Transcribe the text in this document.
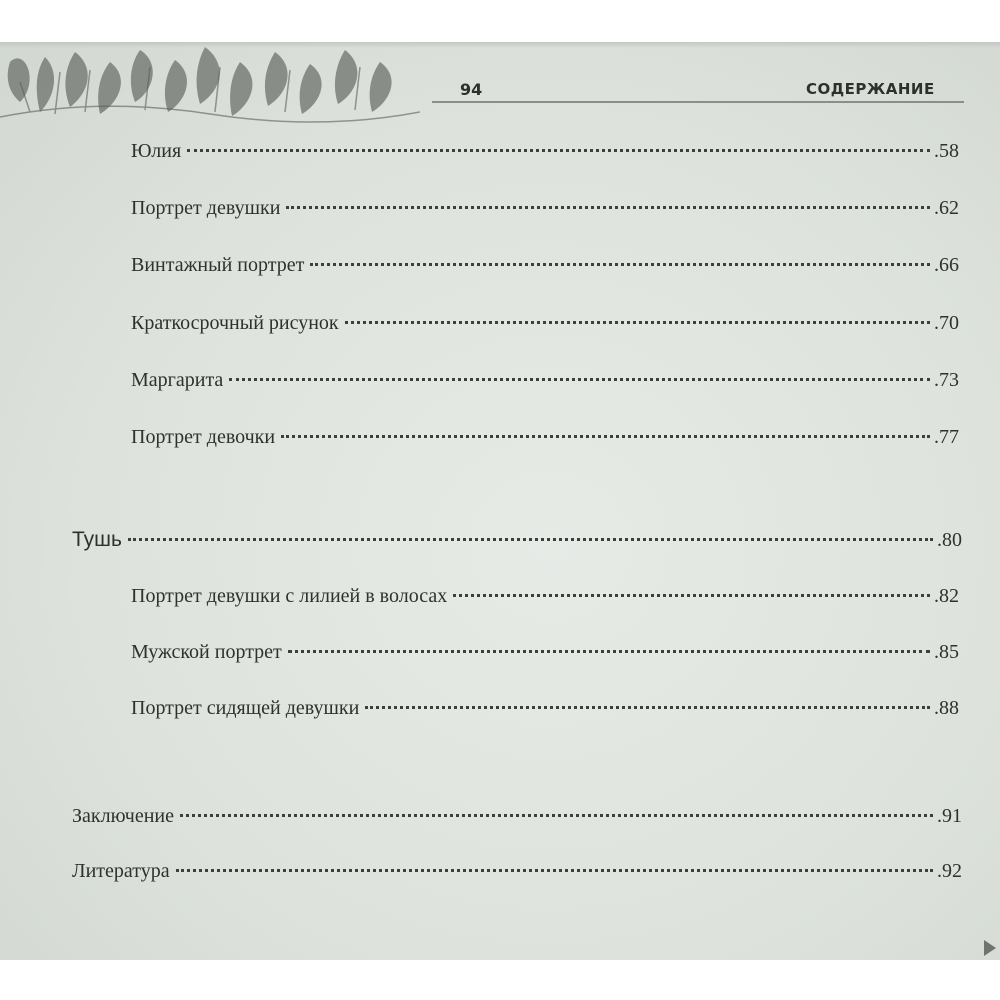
94	СОДЕРЖАНИЕ
Юлия	.58
Портрет девушки	.62
Винтажный портрет	.66
Краткосрочный рисунок	.70
Маргарита	.73
Портрет девочки	.77
Тушь	.80
Портрет девушки с лилией в волосах	.82
Мужской портрет	.85
Портрет сидящей девушки	.88
Заключение	.91
Литература	.92
